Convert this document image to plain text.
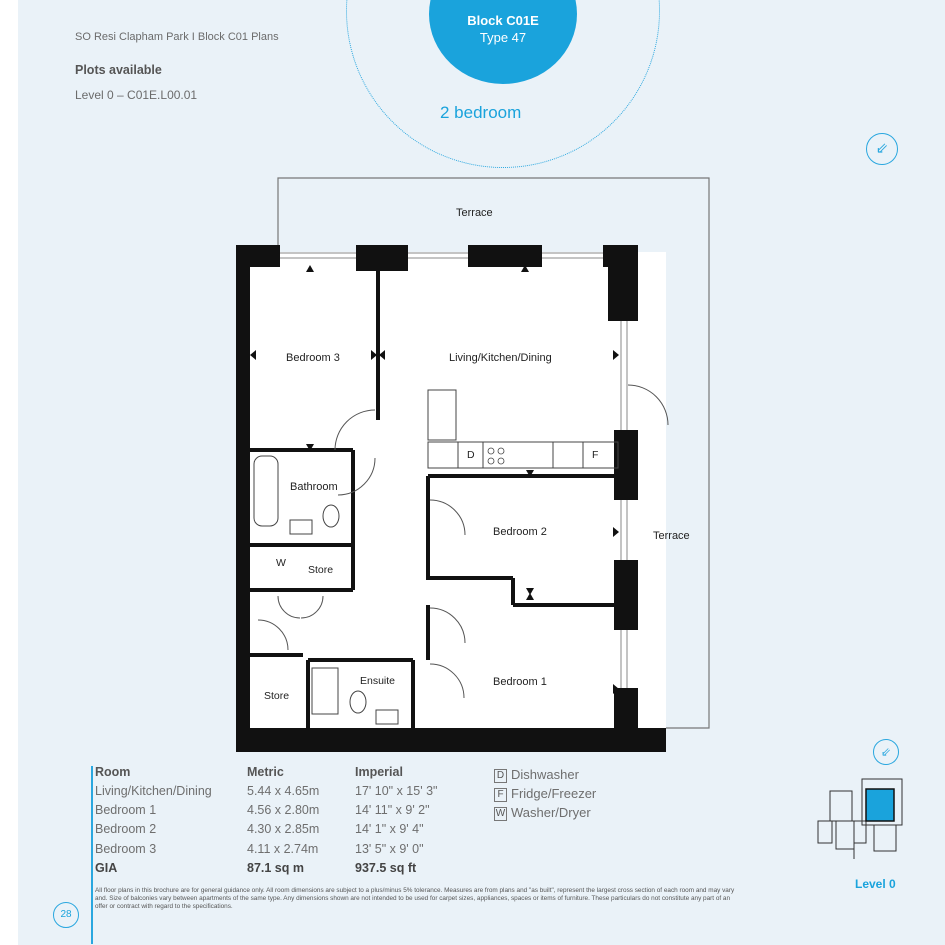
SO Resi Clapham Park I Block C01 Plans
Plots available
Level 0 – C01E.L00.01
Block C01E
Type 47
2 bedroom
⇙
Terrace
Terrace
Bedroom 3	Living/Kitchen/Dining
Bathroom
Bedroom 2
Store
Store
Ensuite	Bedroom 1
D	F
W
Room	Metric	Imperial
Living/Kitchen/Dining	5.44 x 4.65m	17' 10" x 15' 3"
Bedroom 1	4.56 x 2.80m	14' 11" x 9' 2"
Bedroom 2	4.30 x 2.85m	14' 1" x 9' 4"
Bedroom 3	4.11 x 2.74m	13' 5" x 9' 0"
GIA	87.1 sq m	937.5 sq ft
D Dishwasher
F Fridge/Freezer
W Washer/Dryer
⇙
Level 0
All floor plans in this brochure are for general guidance only. All room dimensions are subject to a plus/minus 5% tolerance. Measures are from plans and "as built", represent the largest cross section of each room and may vary and. Size of balconies vary between apartments of the same type. Any dimensions shown are not intended to be used for carpet sizes, appliances, spaces or items of furniture. These particulars do not constitute any part of an offer or contract with regard to the specifications.
28
